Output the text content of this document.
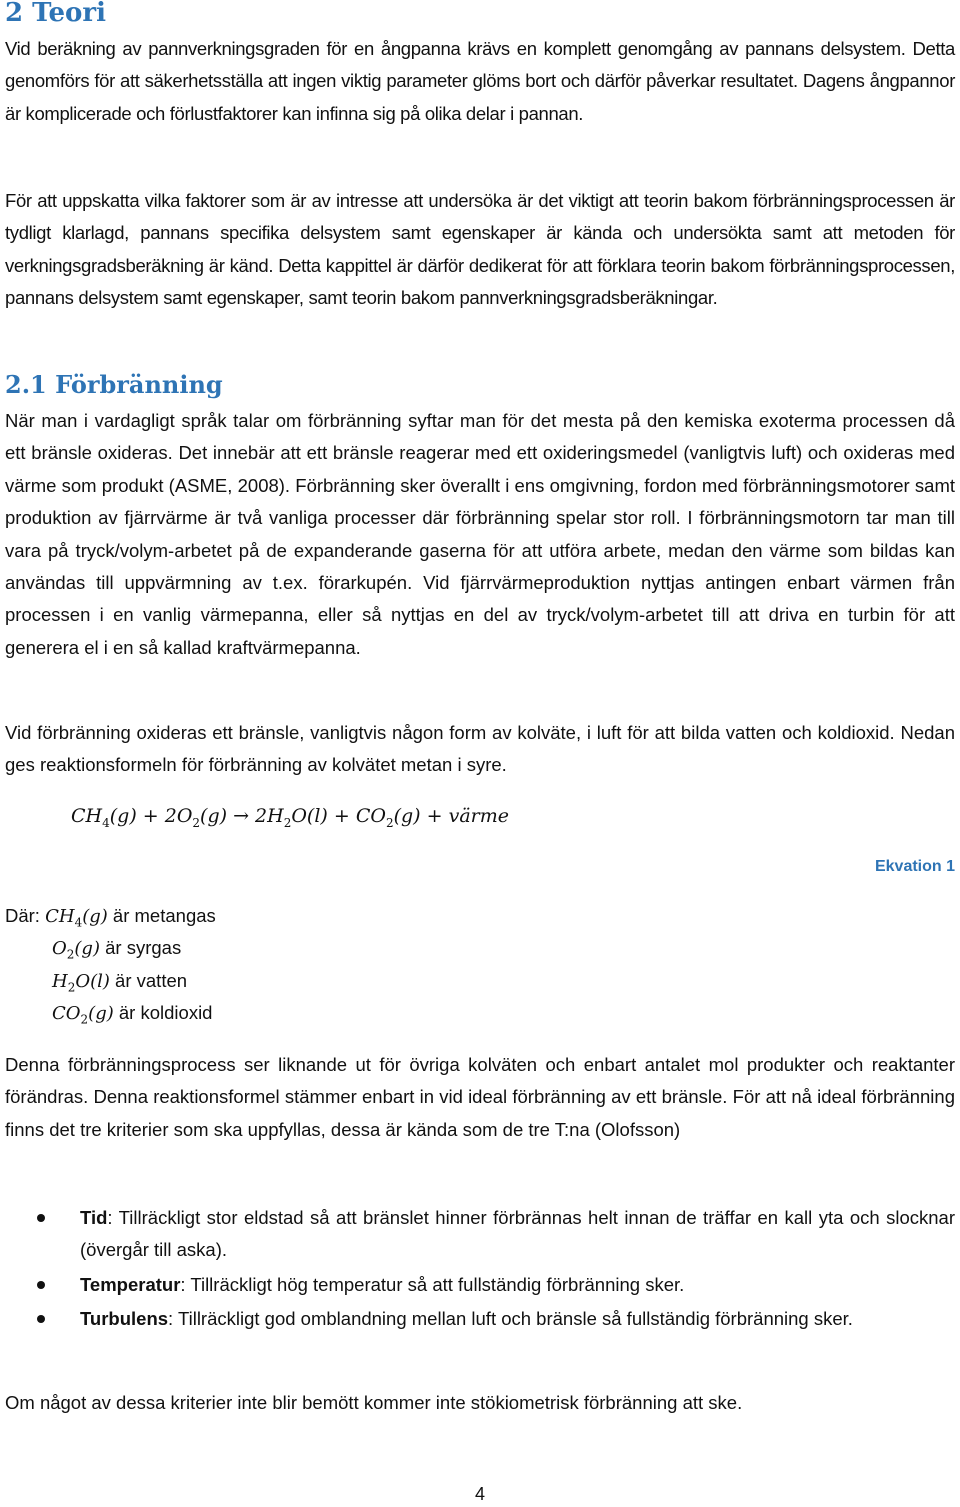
2 Teori

Vid beräkning av pannverkningsgraden för en ångpanna krävs en komplett genomgång av pannans delsystem. Detta genomförs för att säkerhetsställa att ingen viktig parameter glöms bort och därför påverkar resultatet. Dagens ångpannor är komplicerade och förlustfaktorer kan infinna sig på olika delar i pannan.

För att uppskatta vilka faktorer som är av intresse att undersöka är det viktigt att teorin bakom förbränningsprocessen är tydligt klarlagd, pannans specifika delsystem samt egenskaper är kända och undersökta samt att metoden för verkningsgradsberäkning är känd. Detta kappittel är därför dedikerat för att förklara teorin bakom förbränningsprocessen, pannans delsystem samt egenskaper, samt teorin bakom pannverkningsgradsberäkningar.

2.1 Förbränning

När man i vardagligt språk talar om förbränning syftar man för det mesta på den kemiska exoterma processen då ett bränsle oxideras. Det innebär att ett bränsle reagerar med ett oxideringsmedel (vanligtvis luft) och oxideras med värme som produkt (ASME, 2008). Förbränning sker överallt i ens omgivning, fordon med förbränningsmotorer samt produktion av fjärrvärme är två vanliga processer där förbränning spelar stor roll. I förbränningsmotorn tar man till vara på tryck/volym-arbetet på de expanderande gaserna för att utföra arbete, medan den värme som bildas kan användas till uppvärmning av t.ex. förarkupén. Vid fjärrvärmeproduktion nyttjas antingen enbart värmen från processen i en vanlig värmepanna, eller så nyttjas en del av tryck/volym-arbetet till att driva en turbin för att generera el i en så kallad kraftvärmepanna.

Vid förbränning oxideras ett bränsle, vanligtvis någon form av kolväte, i luft för att bilda vatten och koldioxid. Nedan ges reaktionsformeln för förbränning av kolvätet metan i syre.

$CH_4(g) + 2O_2(g) \to 2H_2O(l) + CO_2(g)$ + värme
Ekvation 1
Där: $CH_4(g)$ är metangas
$O_2(g)$ är syrgas
$H_2O(l)$ är vatten
$CO_2(g)$ är koldioxid

Denna förbränningsprocess ser liknande ut för övriga kolväten och enbart antalet mol produkter och reaktanter förändras. Denna reaktionsformel stämmer enbart in vid ideal förbränning av ett bränsle. För att nå ideal förbränning finns det tre kriterier som ska uppfyllas, dessa är kända som de tre T:na (Olofsson)

Tid: Tillräckligt stor eldstad så att bränslet hinner förbrännas helt innan de träffar en kall yta och slocknar (övergår till aska).
Temperatur: Tillräckligt hög temperatur så att fullständig förbränning sker.
Turbulens: Tillräckligt god omblandning mellan luft och bränsle så fullständig förbränning sker.

Om något av dessa kriterier inte blir bemött kommer inte stökiometrisk förbränning att ske.

4
